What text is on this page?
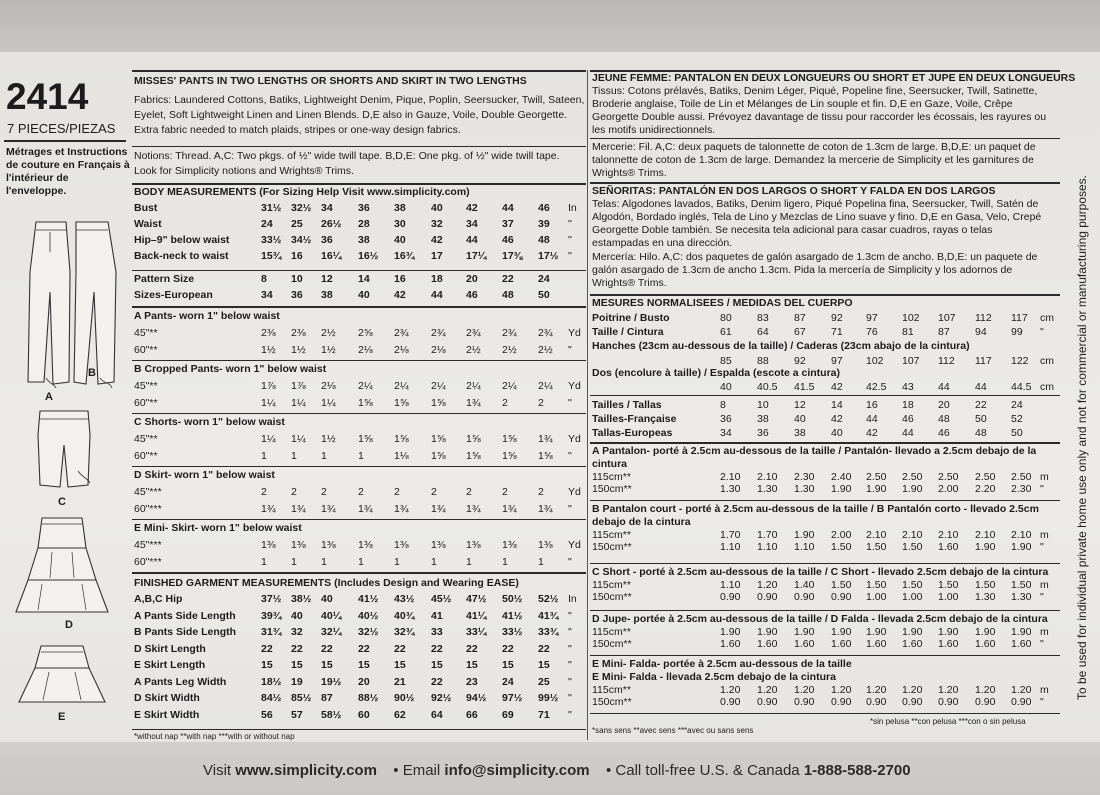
2414
7 PIECES/PIEZAS
Métrages et Instructions
de couture en Français à
l'intérieur de
l'enveloppe.
B
A
C
D
E
MISSES' PANTS IN TWO LENGTHS OR SHORTS AND SKIRT IN TWO LENGTHS
Fabrics: Laundered Cottons, Batiks, Lightweight Denim, Pique, Poplin, Seersucker, Twill, Sateen,
Eyelet, Soft Lightweight Linen and Linen Blends. D,E also in Gauze, Voile, Double Georgette.
Extra fabric needed to match plaids, stripes or one-way design fabrics.
Notions: Thread. A,C: Two pkgs. of ½" wide twill tape. B,D,E: One pkg. of ½" wide twill tape.
Look for Simplicity notions and Wrights® Trims.
BODY MEASUREMENTS (For Sizing Help Visit www.simplicity.com)
Bust	31½ 32½ 34 36 38 40 42 44 46 In
Waist	24 25 26½ 28 30 32 34 37 39 "
Hip–9" below waist	33½ 34½ 36 38 40 42 44 46 48 "
Back-neck to waist	15¾ 16 16¼ 16½ 16¾ 17 17¼ 17⅜ 17½ "
Pattern Size	8 10 12 14 16 18 20 22 24
Sizes-European	34 36 38 40 42 44 46 48 50
A Pants- worn 1" below waist
45"**	2⅜ 2⅜ 2½ 2⅝ 2¾ 2¾ 2¾ 2¾ 2¾ Yd
60"**	1½ 1½ 1½ 2⅛ 2⅛ 2⅛ 2½ 2½ 2½ "
B Cropped Pants- worn 1" below waist
45"**	1⅞ 1⅞ 2⅛ 2¼ 2¼ 2¼ 2¼ 2¼ 2¼ Yd
60"**	1¼ 1¼ 1¼ 1⅝ 1⅝ 1⅝ 1¾ 2	2 "
C Shorts- worn 1" below waist
45"**	1¼ 1¼ 1½ 1⅝ 1⅝ 1⅝ 1⅝ 1⅝ 1¾ Yd
60"**	1 1 1	1	1⅛ 1⅝ 1⅝ 1⅝ 1⅝ "
D Skirt- worn 1" below waist
45"***	2 2 2	2	2	2	2	2	2 Yd
60"***	1¾ 1¾ 1¾ 1¾ 1¾ 1¾ 1¾ 1¾ 1¾ "
E Mini- Skirt- worn 1" below waist
45"***	1⅜ 1⅜ 1⅜ 1⅜ 1⅜ 1⅜ 1⅜ 1⅜ 1⅜ Yd
60"***	1 1 1	1	1	1	1	1	1 "
FINISHED GARMENT MEASUREMENTS (Includes Design and Wearing EASE)
A,B,C Hip	37½ 38½ 40 41½ 43½ 45½ 47½ 50½ 52½ In
A Pants Side Length 39¾ 40 40¼ 40½ 40¾ 41 41¼ 41½ 41¾ "
B Pants Side Length 31¾ 32 32¼ 32½ 32¾ 33 33¼ 33½ 33¾ "
D Skirt Length	22 22 22 22 22 22 22 22 22 "
E Skirt Length	15 15 15 15 15 15 15 15 15 "
A Pants Leg Width	18½ 19 19½ 20 21 22 23 24 25 "
D Skirt Width	84½ 85½ 87 88½ 90½ 92½ 94½ 97½ 99½ "
E Skirt Width	56 57 58½ 60 62 64 66 69 71 "
*without nap **with nap ***with or without nap
JEUNE FEMME: PANTALON EN DEUX LONGUEURS OU SHORT ET JUPE EN DEUX LONGUEURS
Tissus: Cotons prélavés, Batiks, Denim Léger, Piqué, Popeline fine, Seersucker, Twill, Satinette,
Broderie anglaise, Toile de Lin et Mélanges de Lin souple et fin. D,E en Gaze, Voile, Crêpe
Georgette Double aussi. Prévoyez davantage de tissu pour raccorder les écossais, les rayures ou
les motifs unidirectionnels.
Mercerie: Fil. A,C: deux paquets de talonnette de coton de 1.3cm de large. B,D,E: un paquet de
talonnette de coton de 1.3cm de large. Demandez la mercerie de Simplicity et les garnitures de
Wrights® Trims.
SEÑORITAS: PANTALÓN EN DOS LARGOS O SHORT Y FALDA EN DOS LARGOS
Telas: Algodones lavados, Batiks, Denim ligero, Piqué Popelina fina, Seersucker, Twill, Satén de
Algodón, Bordado inglés, Tela de Lino y Mezclas de Lino suave y fino. D,E en Gasa, Velo, Crepé
Georgette Doble también. Se necesita tela adicional para casar cuadros, rayas o telas
estampadas en una dirección.
Mercería: Hilo. A,C: dos paquetes de galón asargado de 1.3cm de ancho. B,D,E: un paquete de
galón asargado de 1.3cm de ancho 1.3cm. Pida la mercería de Simplicity y los adornos de
Wrights® Trims.
MESURES NORMALISEES / MEDIDAS DEL CUERPO
Poitrine / Busto	80 83 87 92 97 102 107 112 117 cm
Taille / Cintura	61 64 67 71 76 81 87 94 99 "
Hanches (23cm au-dessous de la taille) / Caderas (23cm abajo de la cintura)
85 88 92 97 102 107 112 117 122 cm
Dos (encolure à taille) / Espalda (escote a cintura)
40 40.5 41.5 42 42.5 43 44 44 44.5 cm
Tailles / Tallas	8	10 12 14 16 18 20 22 24
Tailles-Française	36 38 40 42 44 46 48 50 52
Tallas-Europeas	34 36 38 40 42 44 46 48 50
A Pantalon- porté à 2.5cm au-dessous de la taille / Pantalón- llevado a 2.5cm debajo de la
cintura
115cm**	2.10 2.10 2.30 2.40 2.50 2.50 2.50 2.50 2.50 m
150cm**	1.30 1.30 1.30 1.90 1.90 1.90 2.00 2.20 2.30 "
B Pantalon court - porté à 2.5cm au-dessous de la taille / B Pantalón corto - llevado 2.5cm
debajo de la cintura
115cm**	1.70 1.70 1.90 2.00 2.10 2.10 2.10 2.10 2.10 m
150cm**	1.10 1.10 1.10 1.50 1.50 1.50 1.60 1.90 1.90 "
C Short - porté à 2.5cm au-dessous de la taille / C Short - llevado 2.5cm debajo de la cintura
115cm**	1.10 1.20 1.40 1.50 1.50 1.50 1.50 1.50 1.50 m
150cm**	0.90 0.90 0.90 0.90 1.00 1.00 1.00 1.30 1.30 "
D Jupe- portée à 2.5cm au-dessous de la taille / D Falda - llevada 2.5cm debajo de la cintura
115cm**	1.90 1.90 1.90 1.90 1.90 1.90 1.90 1.90 1.90 m
150cm**	1.60 1.60 1.60 1.60 1.60 1.60 1.60 1.60 1.60 "
E Mini- Falda- portée à 2.5cm au-dessous de la taille
E Mini- Falda - llevada 2.5cm debajo de la cintura
115cm**	1.20 1.20 1.20 1.20 1.20 1.20 1.20 1.20 1.20 m
150cm**	0.90 0.90 0.90 0.90 0.90 0.90 0.90 0.90 0.90 "
*sans sens **avec sens ***avec ou sans sens
*sin pelusa **con pelusa ***con o sin pelusa
To be used for individual private home use only and not for commercial or manufacturing purposes.
Visit www.simplicity.com • Email info@simplicity.com • Call toll-free U.S. & Canada 1-888-588-2700
